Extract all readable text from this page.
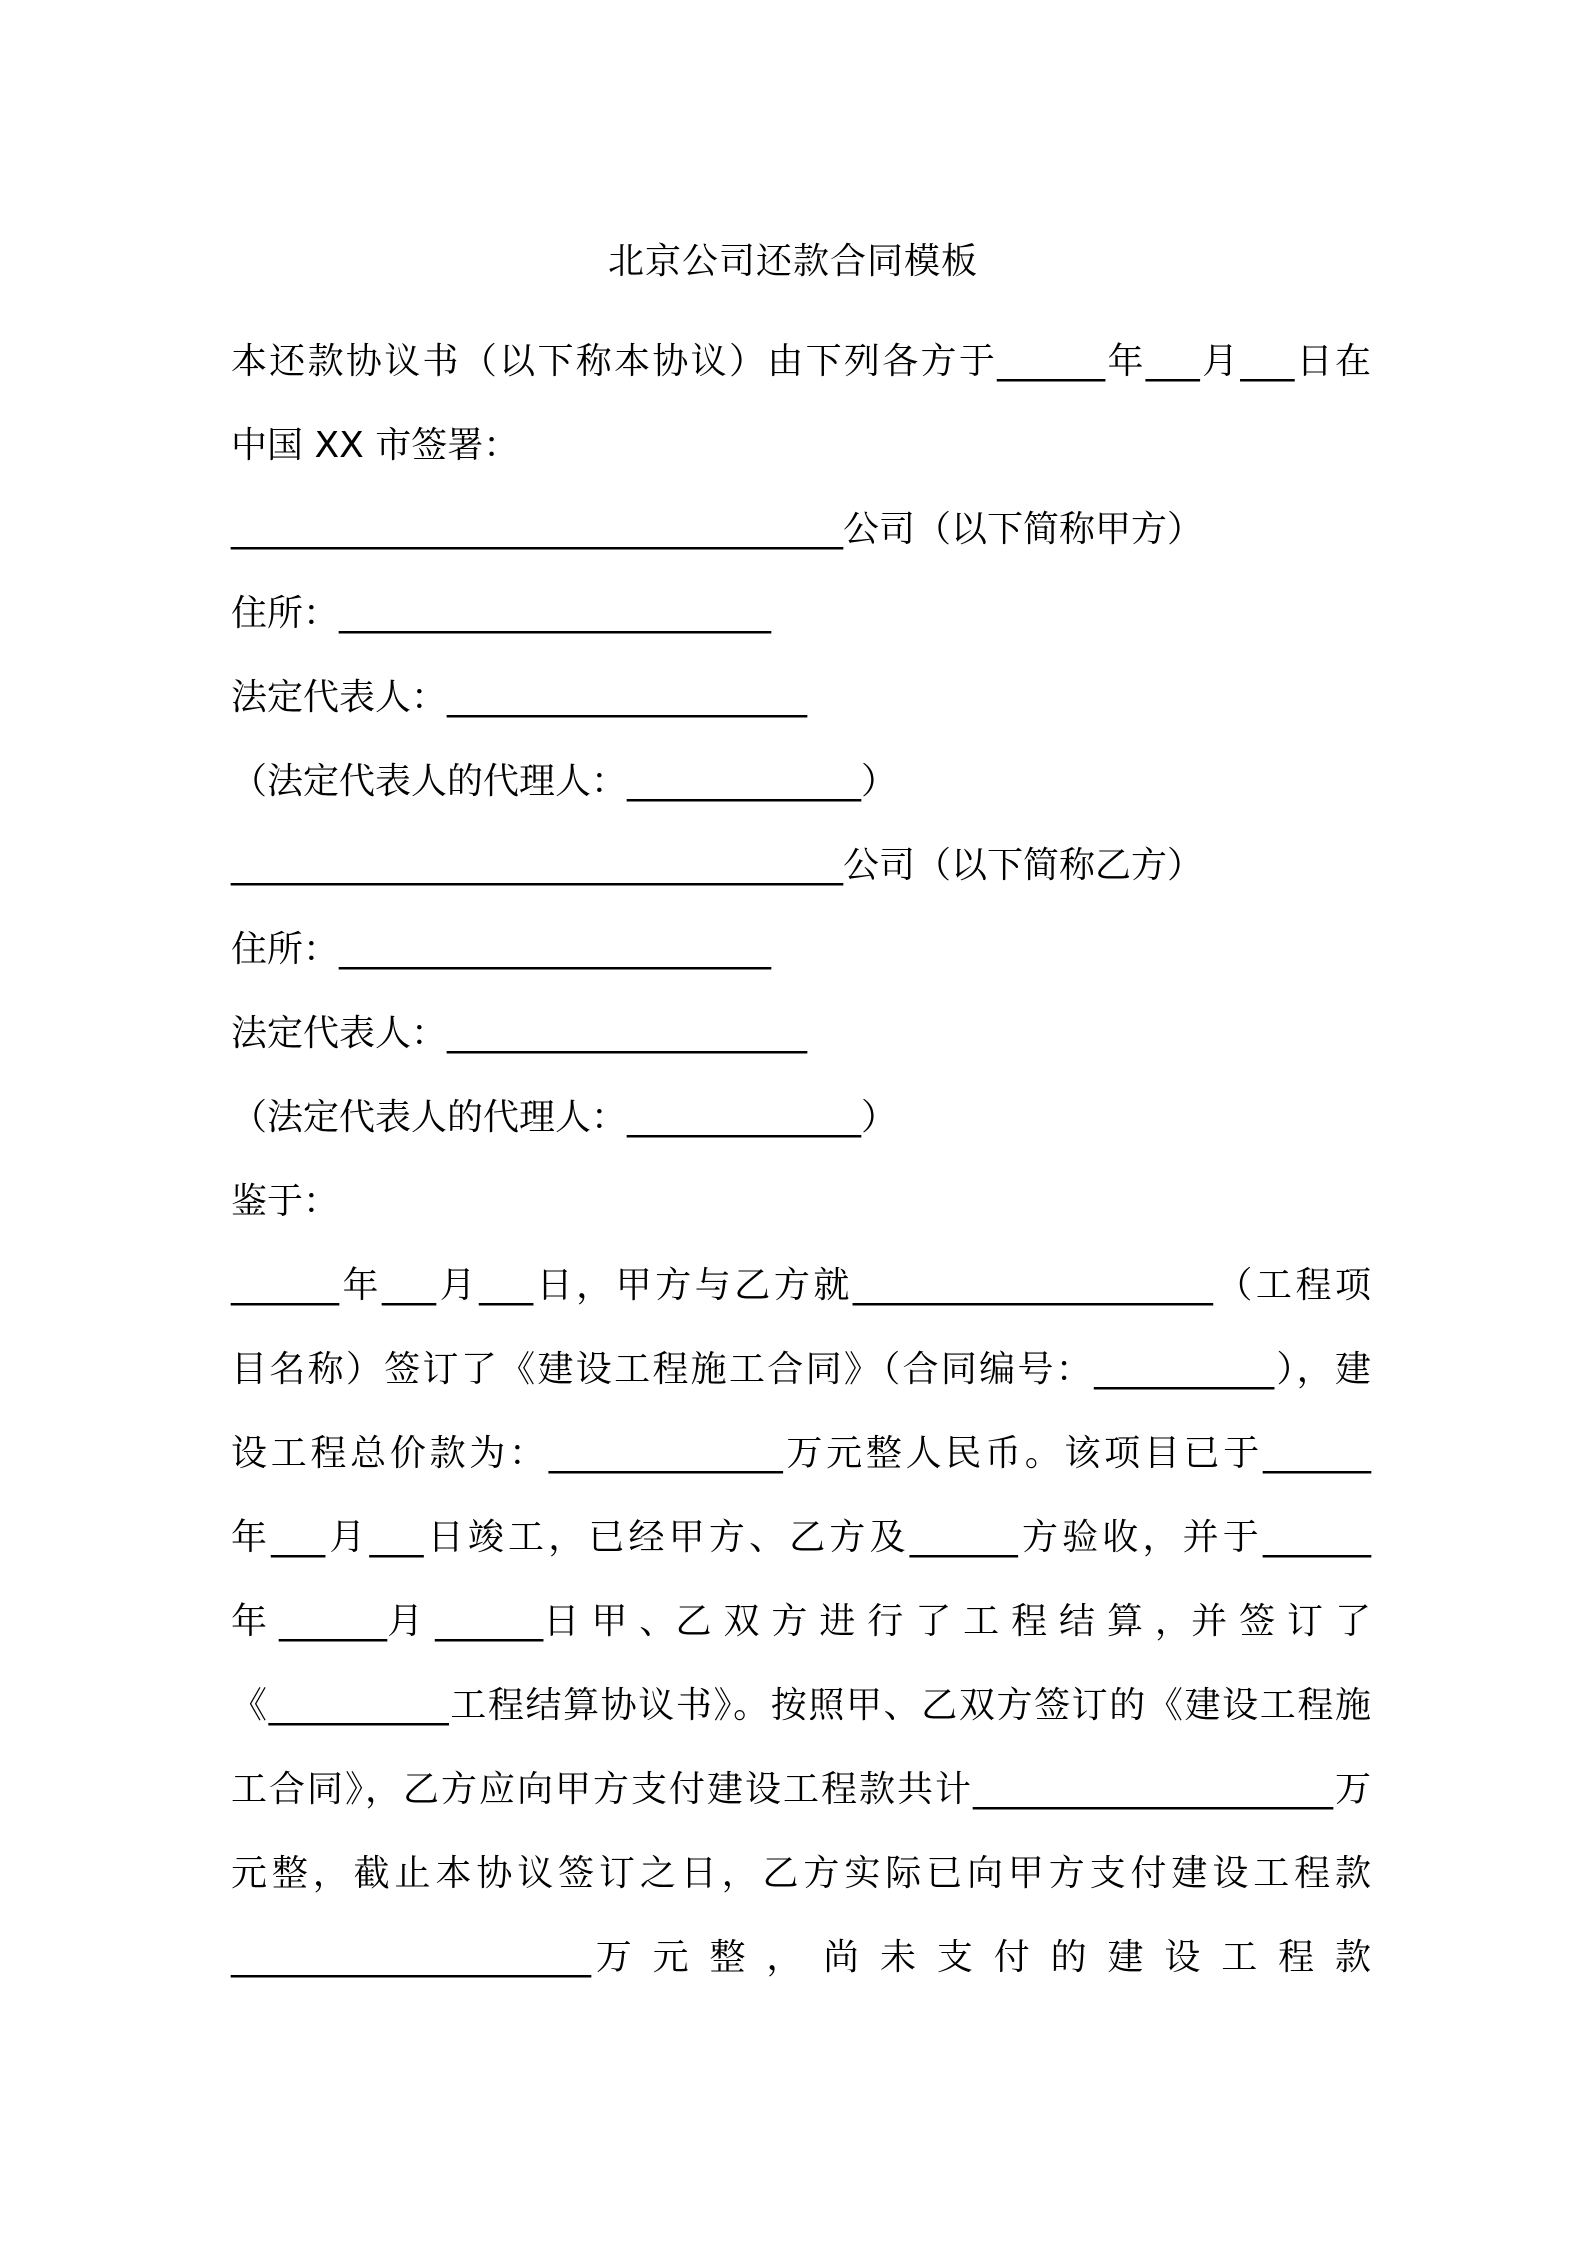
北京公司还款合同模板
本还款协议书（以下称本协议）由下列各方于______年___月___日在
中国 XX 市签署：
__________________________________公司（以下简称甲方）
住所：________________________
法定代表人：____________________
（法定代表人的代理人：_____________）
__________________________________公司（以下简称乙方）
住所：________________________
法定代表人：____________________
（法定代表人的代理人：_____________）
鉴于：
______年___月___日，甲方与乙方就____________________（工程项
目名称）签订了《建设工程施工合同》（合同编号：__________），建
设工程总价款为：_____________万元整人民币。该项目已于______
年___月___日竣工，已经甲方、乙方及______方验收，并于______
年 ______月 ______日 甲 、乙 双 方 进 行 了 工 程 结 算 ，并 签 订 了
《__________工程结算协议书》。按照甲、乙双方签订的《建设工程施
工合同》，乙方应向甲方支付建设工程款共计____________________万
元整，截止本协议签订之日，乙方实际已向甲方支付建设工程款
____________________万 元 整 ， 尚 未 支 付 的 建 设 工 程 款
